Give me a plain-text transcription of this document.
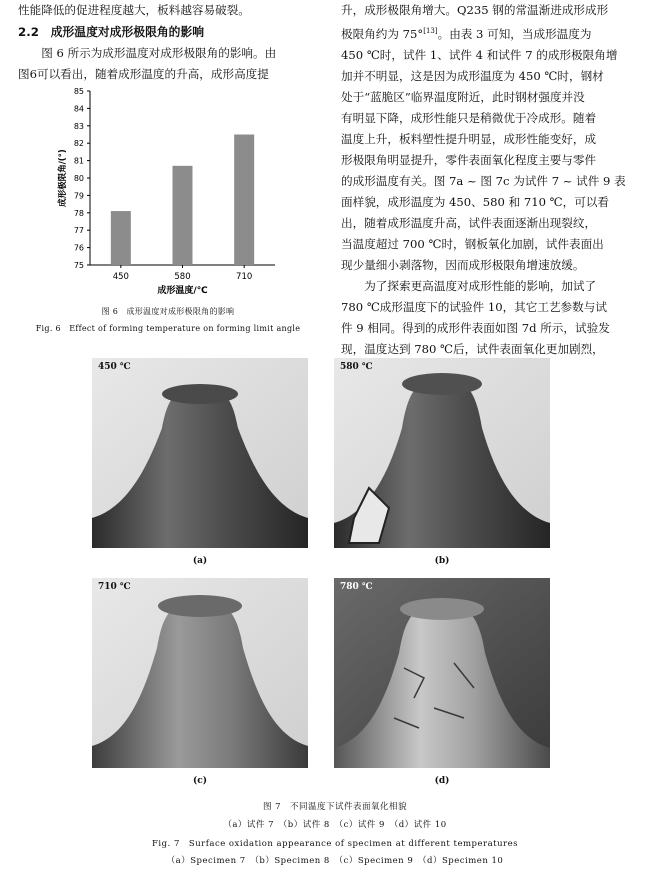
性能降低的促进程度越大，板料越容易破裂。
2.2　成形温度对成形极限角的影响
图 6 所示为成形温度对成形极限角的影响。由
图6可以看出，随着成形温度的升高，成形高度提
75
76
77
78
79
80
81
82
83
84
85
450	580	710
成形温度/℃
成形极限角/(°)
图 6　成形温度对成形极限角的影响
Fig. 6　Effect of forming temperature on forming limit angle
升，成形极限角增大。Q235 钢的常温渐进成形成形
极限角约为 75°[13]。由表 3 可知，当成形温度为
450 ℃时，试件 1、试件 4 和试件 7 的成形极限角增
加并不明显，这是因为成形温度为 450 ℃时，钢材
处于“蓝脆区”临界温度附近，此时钢材强度并没
有明显下降，成形性能只是稍微优于冷成形。随着
温度上升，板料塑性提升明显，成形性能变好，成
形极限角明显提升，零件表面氧化程度主要与零件
的成形温度有关。图 7a ~ 图 7c 为试件 7 ~ 试件 9 表
面样貌，成形温度为 450、580 和 710 ℃，可以看
出，随着成形温度升高，试件表面逐渐出现裂纹，
当温度超过 700 ℃时，钢板氧化加剧，试件表面出
现少量细小剥落物，因而成形极限角增速放缓。
为了探索更高温度对成形性能的影响，加试了
780 ℃成形温度下的试验件 10，其它工艺参数与试
件 9 相同。得到的成形件表面如图 7d 所示，试验发
现，温度达到 780 ℃后，试件表面氧化更加剧烈，
450 ℃
(a)
580 ℃
(b)
710 ℃
(c)
780 ℃
(d)
图 7　不同温度下试件表面氧化相貌
（a）试件 7　（b）试件 8　（c）试件 9　（d）试件 10
Fig. 7　Surface oxidation appearance of specimen at different temperatures
（a）Specimen 7　（b）Specimen 8　（c）Specimen 9　（d）Specimen 10
